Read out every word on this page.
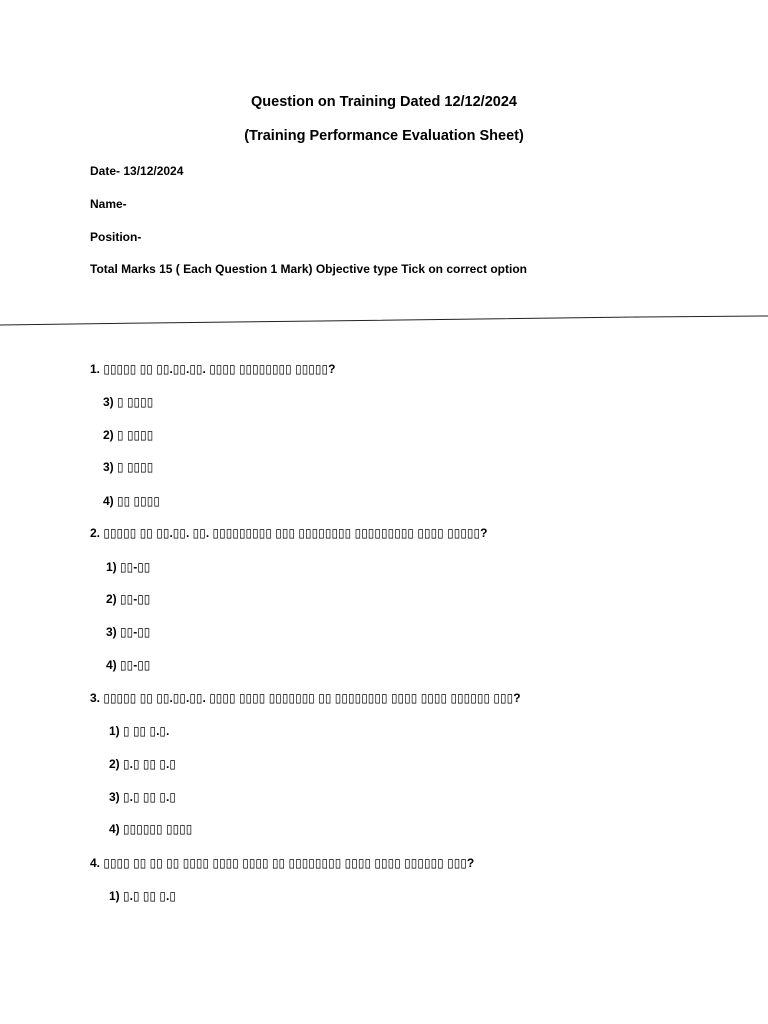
Question on Training Dated 12/12/2024
(Training Performance Evaluation Sheet)
Date- 13/12/2024
Name-
Position-
Total Marks 15 ( Each Question 1 Mark) Objective type Tick on correct option
1. ▯▯▯▯▯ ▯▯ ▯▯.▯▯.▯▯. ▯▯▯▯ ▯▯▯▯▯▯▯▯ ▯▯▯▯▯?
3) ▯ ▯▯▯▯
2) ▯ ▯▯▯▯
3) ▯ ▯▯▯▯
4) ▯▯ ▯▯▯▯
2. ▯▯▯▯▯ ▯▯ ▯▯.▯▯. ▯▯. ▯▯▯▯▯▯▯▯▯ ▯▯▯ ▯▯▯▯▯▯▯▯ ▯▯▯▯▯▯▯▯▯ ▯▯▯▯ ▯▯▯▯▯?
1) ▯▯-▯▯
2) ▯▯-▯▯
3) ▯▯-▯▯
4) ▯▯-▯▯
3. ▯▯▯▯▯ ▯▯ ▯▯.▯▯.▯▯. ▯▯▯▯ ▯▯▯▯ ▯▯▯▯▯▯▯ ▯▯ ▯▯▯▯▯▯▯▯ ▯▯▯▯ ▯▯▯▯ ▯▯▯▯▯▯ ▯▯▯?
1) ▯ ▯▯ ▯.▯.
2) ▯.▯ ▯▯ ▯.▯
3) ▯.▯ ▯▯ ▯.▯
4) ▯▯▯▯▯▯ ▯▯▯▯
4. ▯▯▯▯ ▯▯ ▯▯ ▯▯ ▯▯▯▯ ▯▯▯▯ ▯▯▯▯ ▯▯ ▯▯▯▯▯▯▯▯ ▯▯▯▯ ▯▯▯▯ ▯▯▯▯▯▯ ▯▯▯?
1) ▯.▯ ▯▯ ▯.▯
